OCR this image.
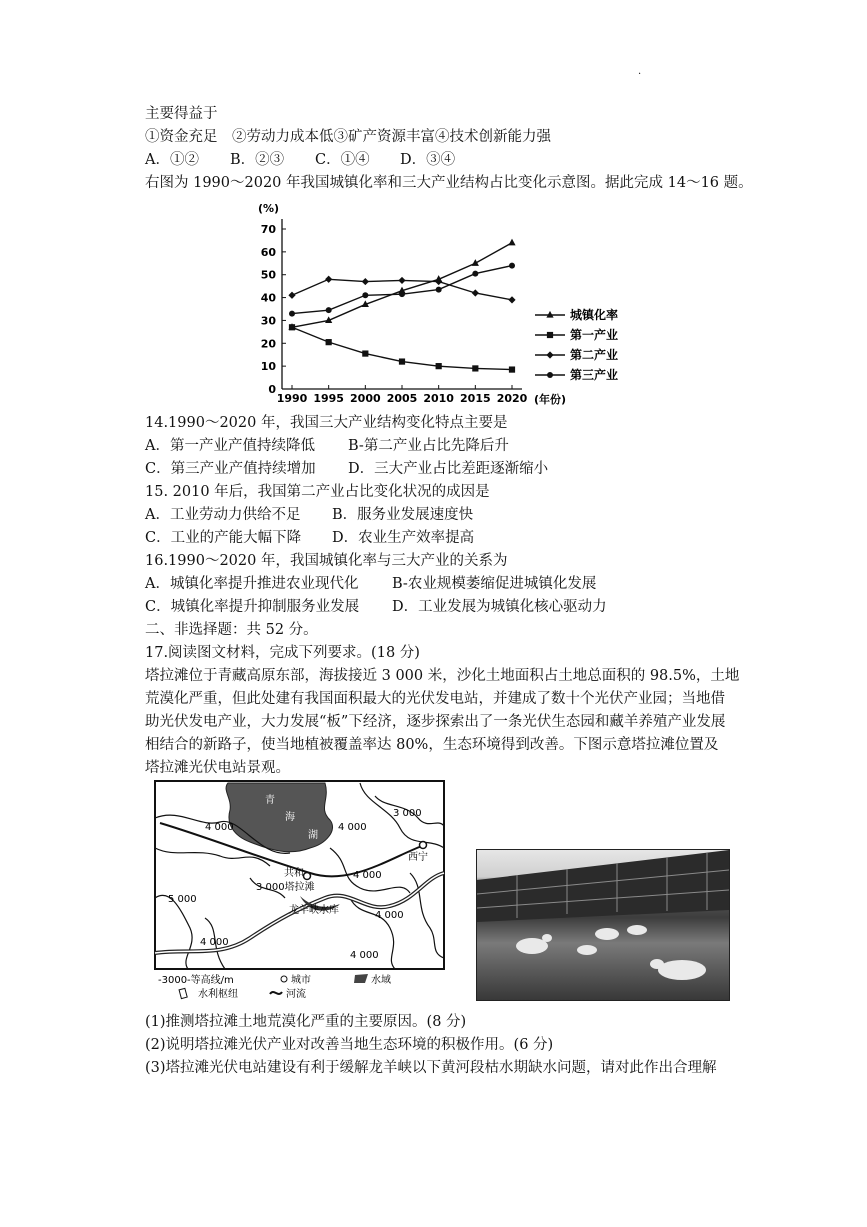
.
主要得益于
①资金充足　②劳动力成本低③矿产资源丰富④技术创新能力强
A．①② B．②③ C．①④ D．③④
右图为 1990～2020 年我国城镇化率和三大产业结构占比变化示意图。据此完成 14～16 题。
(%)
0
10
20
30
40
50
60
70
1990 1995 2000 2005 2010 2015 2020 (年份)
城镇化率
第一产业
第二产业
第三产业
14.1990～2020 年，我国三大产业结构变化特点主要是
A．第一产业产值持续降低 B-第二产业占比先降后升
C．第三产业产值持续增加 D．三大产业占比差距逐渐缩小
15. 2010 年后，我国第二产业占比变化状况的成因是
A．工业劳动力供给不足 B．服务业发展速度快
C．工业的产能大幅下降 D．农业生产效率提高
16.1990～2020 年，我国城镇化率与三大产业的关系为
A．城镇化率提升推进农业现代化 B-农业规模萎缩促进城镇化发展
C．城镇化率提升抑制服务业发展 D．工业发展为城镇化核心驱动力
二、非选择题：共 52 分。
17.阅读图文材料，完成下列要求。(18 分)
塔拉滩位于青藏高原东部，海拔接近 3 000 米，沙化土地面积占土地总面积的 98.5%，土地
荒漠化严重，但此处建有我国面积最大的光伏发电站，并建成了数十个光伏产业园；当地借
助光伏发电产业，大力发展“板”下经济，逐步探索出了一条光伏生态园和藏羊养殖产业发展
相结合的新路子，使当地植被覆盖率达 80%，生态环境得到改善。下图示意塔拉滩位置及
塔拉滩光伏电站景观。
青
海
湖
4 000	4 000
3 000
4 000
4 000
5 000
4 000
4 000
西宁
共和
3 000塔拉滩
龙羊峡水库
-3000-等高线/m	城市	水域
水利枢纽	河流
(1)推测塔拉滩土地荒漠化严重的主要原因。(8 分)
(2)说明塔拉滩光伏产业对改善当地生态环境的积极作用。(6 分)
(3)塔拉滩光伏电站建设有利于缓解龙羊峡以下黄河段枯水期缺水问题，请对此作出合理解
